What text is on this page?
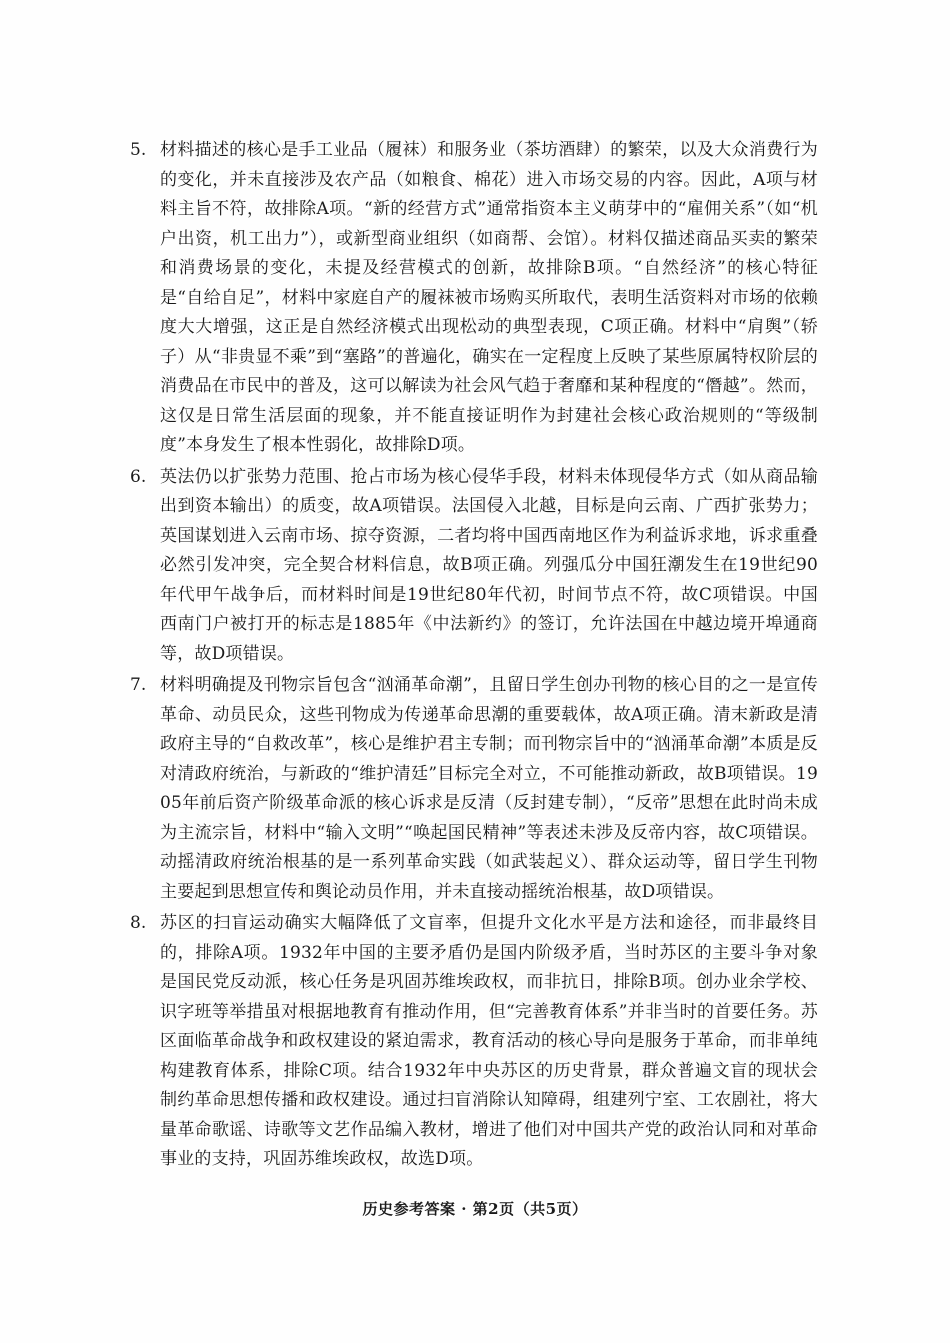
5. 材料描述的核心是手工业品（履袜）和服务业（茶坊酒肆）的繁荣，以及大众消费行为的变化，并未直接涉及农产品（如粮食、棉花）进入市场交易的内容。因此，A项与材料主旨不符，故排除A项。“新的经营方式”通常指资本主义萌芽中的“雇佣关系”（如“机户出资，机工出力”），或新型商业组织（如商帮、会馆）。材料仅描述商品买卖的繁荣和消费场景的变化，未提及经营模式的创新，故排除B项。“自然经济”的核心特征是“自给自足”，材料中家庭自产的履袜被市场购买所取代，表明生活资料对市场的依赖度大大增强，这正是自然经济模式出现松动的典型表现，C项正确。材料中“肩舆”（轿子）从“非贵显不乘”到“塞路”的普遍化，确实在一定程度上反映了某些原属特权阶层的消费品在市民中的普及，这可以解读为社会风气趋于奢靡和某种程度的“僭越”。然而，这仅是日常生活层面的现象，并不能直接证明作为封建社会核心政治规则的“等级制度”本身发生了根本性弱化，故排除D项。
6. 英法仍以扩张势力范围、抢占市场为核心侵华手段，材料未体现侵华方式（如从商品输出到资本输出）的质变，故A项错误。法国侵入北越，目标是向云南、广西扩张势力；英国谋划进入云南市场、掠夺资源，二者均将中国西南地区作为利益诉求地，诉求重叠必然引发冲突，完全契合材料信息，故B项正确。列强瓜分中国狂潮发生在19世纪90年代甲午战争后，而材料时间是19世纪80年代初，时间节点不符，故C项错误。中国西南门户被打开的标志是1885年《中法新约》的签订，允许法国在中越边境开埠通商等，故D项错误。
7. 材料明确提及刊物宗旨包含“汹涌革命潮”，且留日学生创办刊物的核心目的之一是宣传革命、动员民众，这些刊物成为传递革命思潮的重要载体，故A项正确。清末新政是清政府主导的“自救改革”，核心是维护君主专制；而刊物宗旨中的“汹涌革命潮”本质是反对清政府统治，与新政的“维护清廷”目标完全对立，不可能推动新政，故B项错误。1905年前后资产阶级革命派的核心诉求是反清（反封建专制），“反帝”思想在此时尚未成为主流宗旨，材料中“输入文明”“唤起国民精神”等表述未涉及反帝内容，故C项错误。动摇清政府统治根基的是一系列革命实践（如武装起义）、群众运动等，留日学生刊物主要起到思想宣传和舆论动员作用，并未直接动摇统治根基，故D项错误。
8. 苏区的扫盲运动确实大幅降低了文盲率，但提升文化水平是方法和途径，而非最终目的，排除A项。1932年中国的主要矛盾仍是国内阶级矛盾，当时苏区的主要斗争对象是国民党反动派，核心任务是巩固苏维埃政权，而非抗日，排除B项。创办业余学校、识字班等举措虽对根据地教育有推动作用，但“完善教育体系”并非当时的首要任务。苏区面临革命战争和政权建设的紧迫需求，教育活动的核心导向是服务于革命，而非单纯构建教育体系，排除C项。结合1932年中央苏区的历史背景，群众普遍文盲的现状会制约革命思想传播和政权建设。通过扫盲消除认知障碍，组建列宁室、工农剧社，将大量革命歌谣、诗歌等文艺作品编入教材，增进了他们对中国共产党的政治认同和对革命事业的支持，巩固苏维埃政权，故选D项。
历史参考答案 · 第2页（共5页）
